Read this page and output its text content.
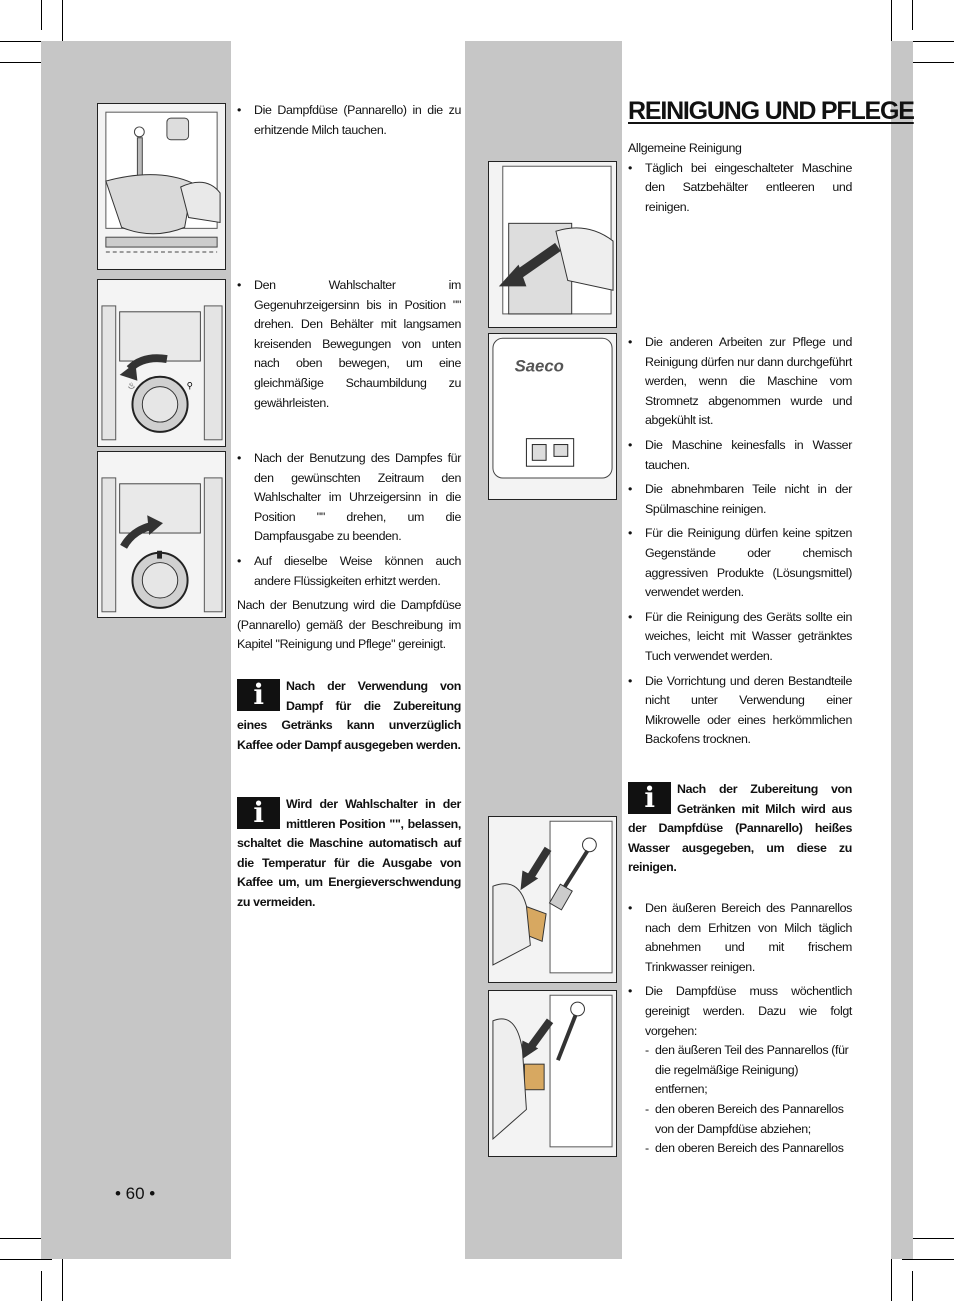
♨	⚲
• Die Dampfdüse (Pannarello) in die zu erhitzende Milch tauchen.
• Den Wahlschalter im Gegenuhrzeigersinn bis in Position "" drehen. Den Behälter mit langsamen kreisenden Bewegungen von unten nach oben bewegen, um eine gleichmäßige Schaumbildung zu gewährleisten.
• Nach der Benutzung des Dampfes für den gewünschten Zeitraum den Wahlschalter im Uhrzeigersinn in die Position "" drehen, um die Dampfausgabe zu beenden.
• Auf dieselbe Weise können auch andere Flüssigkeiten erhitzt werden.

Nach der Benutzung wird die Dampfdüse (Pannarello) gemäß der Beschreibung im Kapitel "Reinigung und Pflege" gereinigt.

i	Nach der Verwendung von Dampf für die Zubereitung eines Getränks kann unverzüglich Kaffee oder Dampf ausgegeben werden.
i	Wird der Wahlschalter in der mittleren Position "", belassen, schaltet die Maschine automatisch auf die Temperatur für die Ausgabe von Kaffee um, um Energieverschwendung zu vermeiden.
• 60 •
Saeco
REINIGUNG UND PFLEGE

Allgemeine Reinigung

• Täglich bei eingeschalteter Maschine den Satzbehälter entleeren und reinigen.
• Die anderen Arbeiten zur Pflege und Reinigung dürfen nur dann durchgeführt werden, wenn die Maschine vom Stromnetz abgenommen wurde und abgekühlt ist.
• Die Maschine keinesfalls in Wasser tauchen.
• Die abnehmbaren Teile nicht in der Spülmaschine reinigen.
• Für die Reinigung dürfen keine spitzen Gegenstände oder chemisch aggressiven Produkte (Lösungsmittel) verwendet werden.
• Für die Reinigung des Geräts sollte ein weiches, leicht mit Wasser getränktes Tuch verwendet werden.
• Die Vorrichtung und deren Bestandteile nicht unter Verwendung einer Mikrowelle oder eines herkömmlichen Backofens trocknen.
i	Nach der Zubereitung von Getränken mit Milch wird aus der Dampfdüse (Pannarello) heißes Wasser ausgegeben, um diese zu reinigen.
• Den äußeren Bereich des Pannarellos nach dem Erhitzen von Milch täglich abnehmen und mit frischem Trinkwasser reinigen.
• Die Dampfdüse muss wöchentlich gereinigt werden. Dazu wie folgt vorgehen:
- den äußeren Teil des Pannarellos (für die regelmäßige Reinigung) entfernen;
- den oberen Bereich des Pannarellos von der Dampfdüse abziehen;
- den oberen Bereich des Pannarellos
